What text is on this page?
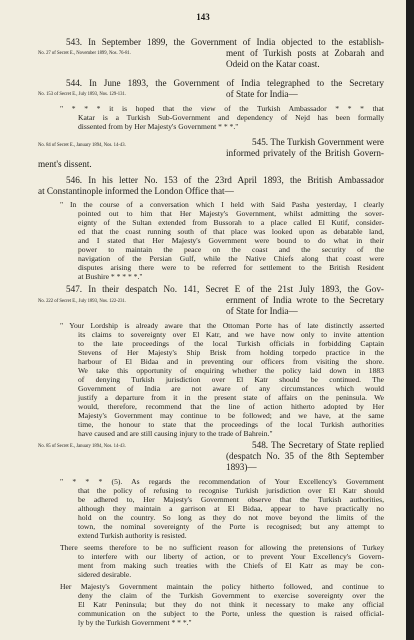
143
543. In September 1899, the Government of India objected to the establish-
No. 27 of Secret E., November 1899, Nos. 76-81.	ment of Turkish posts at Zobarah and
Odeid on the Katar coast.
544. In June 1893, the Government of India telegraphed to the Secretary
No. 153 of Secret E., July 1893, Nos. 129-131.	of State for India—
" * * * it is hoped that the view of the Turkish Ambassador * * * that
Katar is a Turkish Sub-Government and dependency of Nejd has been formally
dissented from by Her Majesty's Government * * *."
No. 84 of Secret E., January 1894, Nos. 14-43.	545. The Turkish Government were
informed privately of the British Govern-
ment's dissent.
546. In his letter No. 153 of the 23rd April 1893, the British Ambassador
at Constantinople informed the London Office that—
" In the course of a conversation which I held with Said Pasha yesterday, I clearly
pointed out to him that Her Majesty's Government, whilst admitting the sover-
eignty of the Sultan extended from Bussorah to a place called El Kutif, consider-
ed that the coast running south of that place was looked upon as debatable land,
and I stated that Her Majesty's Government were bound to do what in their
power to maintain the peace on the coast and the security of the
navigation of the Persian Gulf, while the Native Chiefs along that coast were
disputes arising there were to be referred for settlement to the British Resident
at Bushire * * * * *."
547. In their despatch No. 141, Secret E of the 21st July 1893, the Gov-
No. 222 of Secret E., July 1893, Nos. 122-231.	ernment of India wrote to the Secretary
of State for India—
" Your Lordship is already aware that the Ottoman Porte has of late distinctly asserted
its claims to sovereignty over El Katr, and we have now only to invite attention
to the late proceedings of the local Turkish officials in forbidding Captain
Stevens of Her Majesty's Ship Brisk from holding torpedo practice in the
harbour of El Bidaa and in preventing our officers from visiting the shore.
We take this opportunity of enquiring whether the policy laid down in 1883
of denying Turkish jurisdiction over El Katr should be continued. The
Government of India are not aware of any circumstances which would
justify a departure from it in the present state of affairs on the peninsula. We
would, therefore, recommend that the line of action hitherto adopted by Her
Majesty's Government may continue to be followed; and we have, at the same
time, the honour to state that the proceedings of the local Turkish authorities
have caused and are still causing injury to the trade of Bahrein."
No. 85 of Secret E., January 1894, Nos. 14-43.	548. The Secretary of State replied
(despatch No. 35 of the 8th September
1893)—
" * * * (5). As regards the recommendation of Your Excellency's Government
that the policy of refusing to recognise Turkish jurisdiction over El Katr should
be adhered to, Her Majesty's Government observe that the Turkish authorities,
although they maintain a garrison at El Bidaa, appear to have practically no
hold on the country. So long as they do not move beyond the limits of the
town, the nominal sovereignty of the Porte is recognised; but any attempt to
extend Turkish authority is resisted.
There seems therefore to be no sufficient reason for allowing the pretensions of Turkey
to interfere with our liberty of action, or to prevent Your Excellency's Govern-
ment from making such treaties with the Chiefs of El Katr as may be con-
sidered desirable.
Her Majesty's Government maintain the policy hitherto followed, and continue to
deny the claim of the Turkish Government to exercise sovereignty over the
El Katr Peninsula; but they do not think it necessary to make any official
communication on the subject to the Porte, unless the question is raised official-
ly by the Turkish Government * * *."
